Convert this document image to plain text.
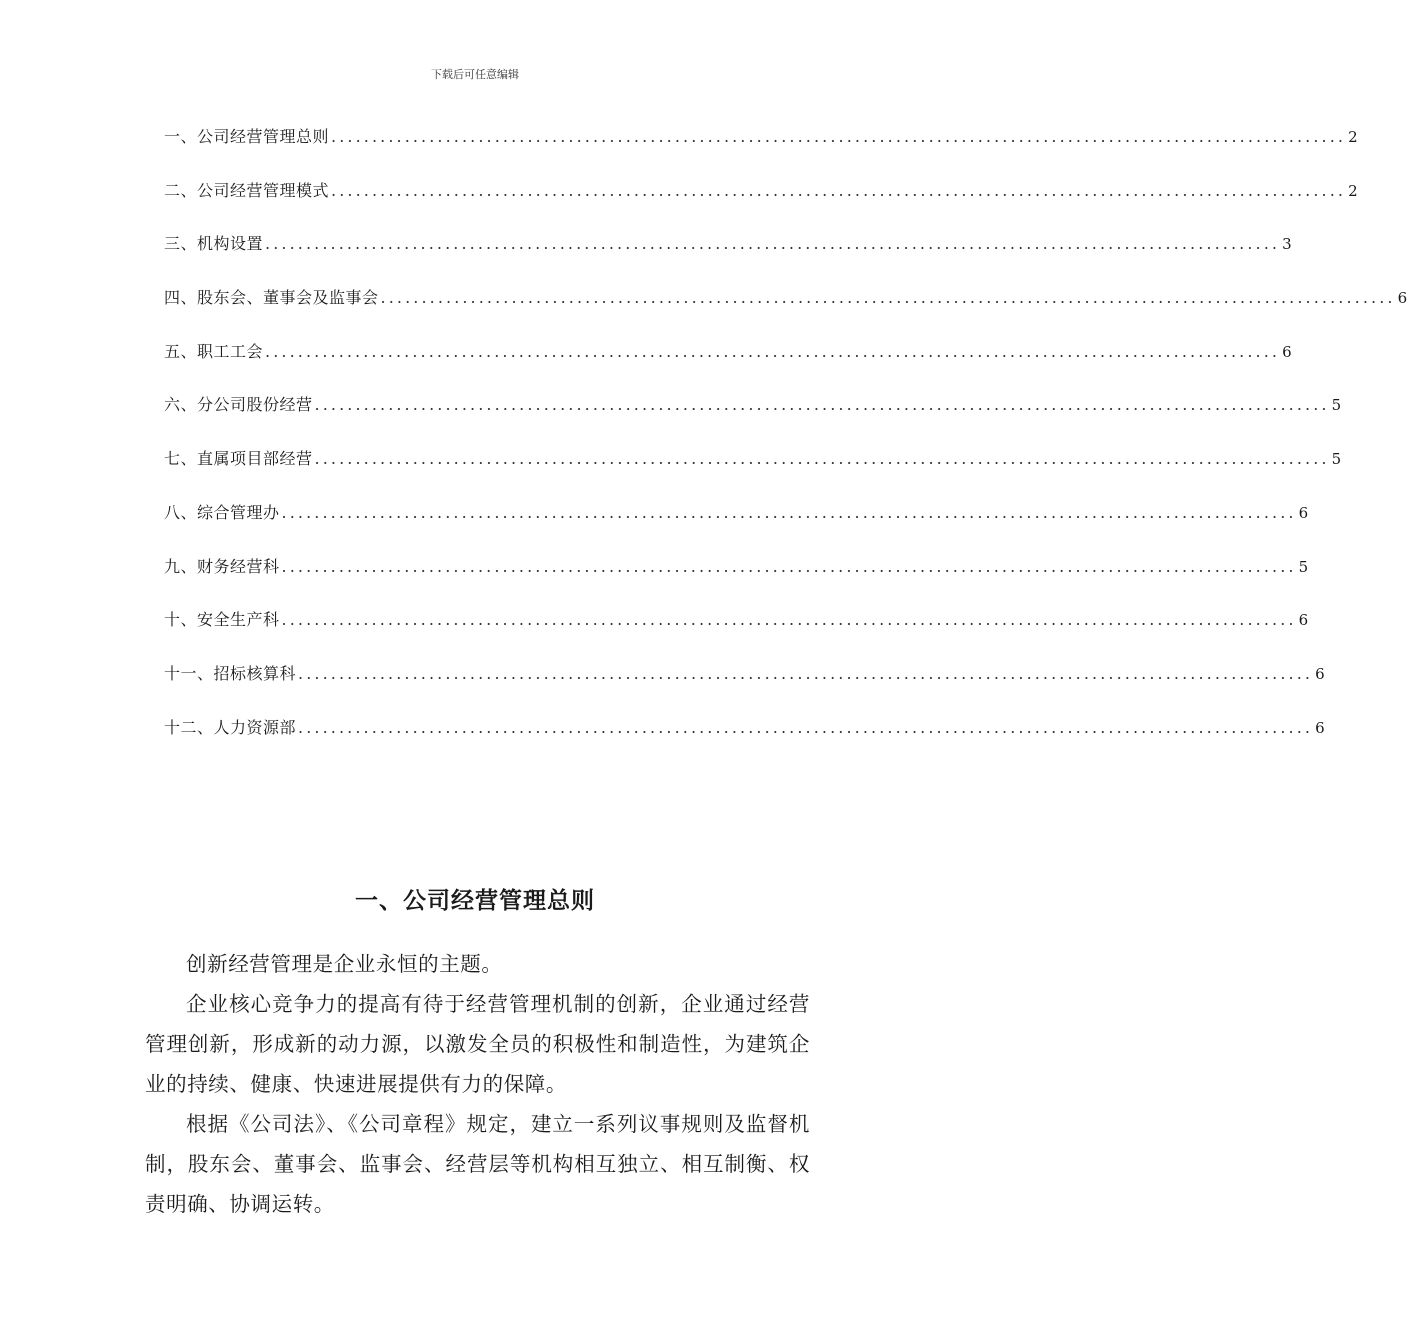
下载后可任意编辑
一、公司经营管理总则 ............................................................................................................................ 2
二、公司经营管理模式 ............................................................................................................................ 2
三、机构设置 ............................................................................................................................ 3
四、股东会、董事会及监事会 ............................................................................................................................ 6
五、职工工会 ............................................................................................................................ 6
六、分公司股份经营 ............................................................................................................................ 5
七、直属项目部经营 ............................................................................................................................ 5
八、综合管理办 ............................................................................................................................ 6
九、财务经营科 ............................................................................................................................ 5
十、安全生产科 ............................................................................................................................ 6
十一、招标核算科 ............................................................................................................................ 6
十二、人力资源部 ............................................................................................................................ 6
一、公司经营管理总则

创新经营管理是企业永恒的主题。

企业核心竞争力的提高有待于经营管理机制的创新，企业通过经营管理创新，形成新的动力源，以激发全员的积极性和制造性，为建筑企业的持续、健康、快速进展提供有力的保障。

根据《公司法》、《公司章程》规定，建立一系列议事规则及监督机制，股东会、董事会、监事会、经营层等机构相互独立、相互制衡、权责明确、协调运转。
